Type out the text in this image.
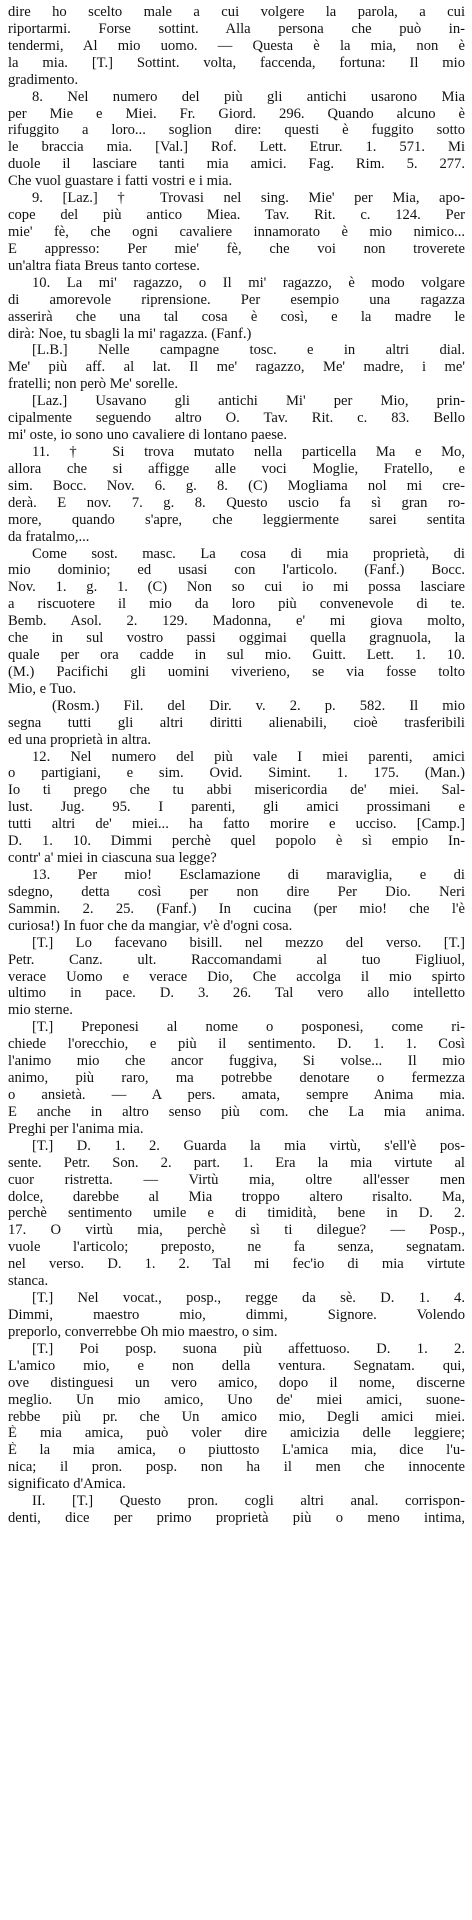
dire ho scelto male a cui volgere la parola, a cui
riportarmi. Forse sottint. Alla persona che può in-
tendermi, Al mio uomo. — Questa è la mia, non è
la mia. [T.] Sottint. volta, faccenda, fortuna: Il mio
gradimento.
8. Nel numero del più gli antichi usarono Mia
per Mie e Miei. Fr. Giord. 296. Quando alcuno è
rifuggito a loro... soglion dire: questi è fuggito sotto
le braccia mia. [Val.] Rof. Lett. Etrur. 1. 571. Mi
duole il lasciare tanti mia amici. Fag. Rim. 5. 277.
Che vuol guastare i fatti vostri e i mia.
9. [Laz.] † Trovasi nel sing. Mie' per Mia, apo-
cope del più antico Miea. Tav. Rit. c. 124. Per
mie' fè, che ogni cavaliere innamorato è mio nimico...
E appresso: Per mie' fè, che voi non troverete
un'altra fiata Breus tanto cortese.
10. La mi' ragazzo, o Il mi' ragazzo, è modo volgare
di amorevole riprensione. Per esempio una ragazza
asserirà che una tal cosa è così, e la madre le
dirà: Noe, tu sbagli la mi' ragazza. (Fanf.)
[L.B.] Nelle campagne tosc. e in altri dial.
Me' più aff. al lat. Il me' ragazzo, Me' madre, i me'
fratelli; non però Me' sorelle.
[Laz.] Usavano gli antichi Mi' per Mio, prin-
cipalmente seguendo altro O. Tav. Rit. c. 83. Bello
mi' oste, io sono uno cavaliere di lontano paese.
11. † Si trova mutato nella particella Ma e Mo,
allora che si affigge alle voci Moglie, Fratello, e
sim. Bocc. Nov. 6. g. 8. (C) Mogliama nol mi cre-
derà. E nov. 7. g. 8. Questo uscio fa sì gran ro-
more, quando s'apre, che leggiermente sarei sentita
da fratalmo,...
Come sost. masc. La cosa di mia proprietà, di
mio dominio; ed usasi con l'articolo. (Fanf.) Bocc.
Nov. 1. g. 1. (C) Non so cui io mi possa lasciare
a riscuotere il mio da loro più convenevole di te.
Bemb. Asol. 2. 129. Madonna, e' mi giova molto,
che in sul vostro passi oggimai quella gragnuola, la
quale per ora cadde in sul mio. Guitt. Lett. 1. 10.
(M.) Pacifichi gli uomini viverieno, se via fosse tolto
Mio, e Tuo.
(Rosm.) Fil. del Dir. v. 2. p. 582. Il mio
segna tutti gli altri diritti alienabili, cioè trasferibili
ed una proprietà in altra.
12. Nel numero del più vale I miei parenti, amici
o partigiani, e sim. Ovid. Simint. 1. 175. (Man.)
Io ti prego che tu abbi misericordia de' miei. Sal-
lust. Jug. 95. I parenti, gli amici prossimani e
tutti altri de' miei... ha fatto morire e ucciso. [Camp.]
D. 1. 10. Dimmi perchè quel popolo è sì empio In-
contr' a' miei in ciascuna sua legge?
13. Per mio! Esclamazione di maraviglia, e di
sdegno, detta così per non dire Per Dio. Neri
Sammin. 2. 25. (Fanf.) In cucina (per mio! che l'è
curiosa!) In fuor che da mangiar, v'è d'ogni cosa.
[T.] Lo facevano bisill. nel mezzo del verso. [T.]
Petr. Canz. ult. Raccomandami al tuo Figliuol,
verace Uomo e verace Dio, Che accolga il mio spirto
ultimo in pace. D. 3. 26. Tal vero allo intelletto
mio sterne.
[T.] Preponesi al nome o posponesi, come ri-
chiede l'orecchio, e più il sentimento. D. 1. 1. Così
l'animo mio che ancor fuggiva, Si volse... Il mio
animo, più raro, ma potrebbe denotare o fermezza
o ansietà. — A pers. amata, sempre Anima mia.
E anche in altro senso più com. che La mia anima.
Preghi per l'anima mia.
[T.] D. 1. 2. Guarda la mia virtù, s'ell'è pos-
sente. Petr. Son. 2. part. 1. Era la mia virtute al
cuor ristretta. — Virtù mia, oltre all'esser men
dolce, darebbe al Mia troppo altero risalto. Ma,
perchè sentimento umile e di timidità, bene in D. 2.
17. O virtù mia, perchè sì ti dilegue? — Posp.,
vuole l'articolo; preposto, ne fa senza, segnatam.
nel verso. D. 1. 2. Tal mi fec'io di mia virtute
stanca.
[T.] Nel vocat., posp., regge da sè. D. 1. 4.
Dimmi, maestro mio, dimmi, Signore. Volendo
preporlo, converrebbe Oh mio maestro, o sim.
[T.] Poi posp. suona più affettuoso. D. 1. 2.
L'amico mio, e non della ventura. Segnatam. qui,
ove distinguesi un vero amico, dopo il nome, discerne
meglio. Un mio amico, Uno de' miei amici, suone-
rebbe più pr. che Un amico mio, Degli amici miei.
È mia amica, può voler dire amicizia delle leggiere;
È la mia amica, o piuttosto L'amica mia, dice l'u-
nica; il pron. posp. non ha il men che innocente
significato d'Amica.
II. [T.] Questo pron. cogli altri anal. corrispon-
denti, dice per primo proprietà più o meno intima,
